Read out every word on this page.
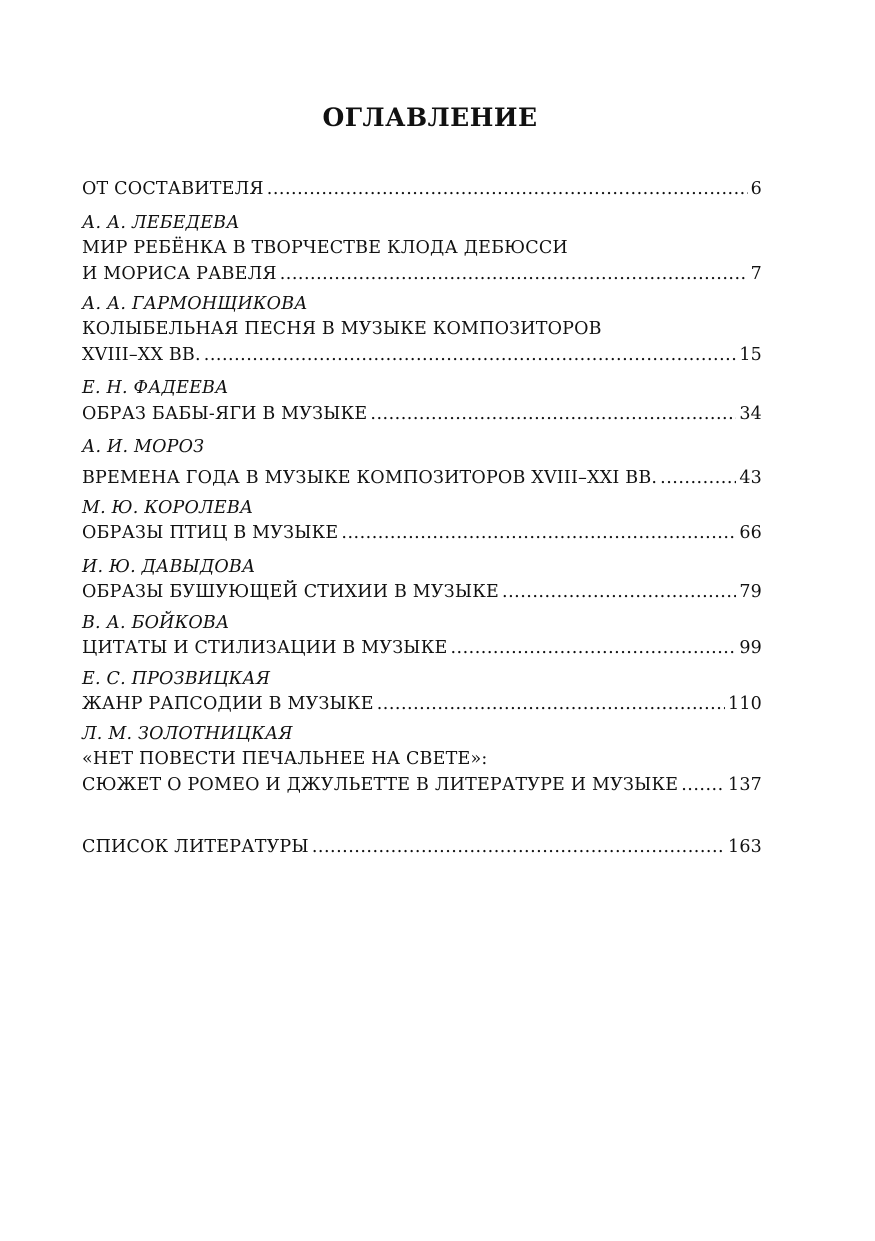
ОГЛАВЛЕНИЕ
ОТ СОСТАВИТЕЛЯ .....	6
А. А. ЛЕБЕДЕВА
МИР РЕБЁНКА В ТВОРЧЕСТВЕ КЛОДА ДЕБЮССИ
И МОРИСА РАВЕЛЯ .....	7
А. А. ГАРМОНЩИКОВА
КОЛЫБЕЛЬНАЯ ПЕСНЯ В МУЗЫКЕ КОМПОЗИТОРОВ
XVIII–XX ВВ. .....	15
Е. Н. ФАДЕЕВА
ОБРАЗ БАБЫ-ЯГИ В МУЗЫКЕ .....	34
А. И. МОРОЗ
ВРЕМЕНА ГОДА В МУЗЫКЕ КОМПОЗИТОРОВ XVIII–XXI ВВ. .....	43
М. Ю. КОРОЛЕВА
ОБРАЗЫ ПТИЦ В МУЗЫКЕ .....	66
И. Ю. ДАВЫДОВА
ОБРАЗЫ БУШУЮЩЕЙ СТИХИИ В МУЗЫКЕ .....	79
В. А. БОЙКОВА
ЦИТАТЫ И СТИЛИЗАЦИИ В МУЗЫКЕ .....	99
Е. С. ПРОЗВИЦКАЯ
ЖАНР РАПСОДИИ В МУЗЫКЕ .....	110
Л. М. ЗОЛОТНИЦКАЯ
«НЕТ ПОВЕСТИ ПЕЧАЛЬНЕЕ НА СВЕТЕ»:
СЮЖЕТ О РОМЕО И ДЖУЛЬЕТТЕ В ЛИТЕРАТУРЕ И МУЗЫКЕ .....	137
СПИСОК ЛИТЕРАТУРЫ .....	163
